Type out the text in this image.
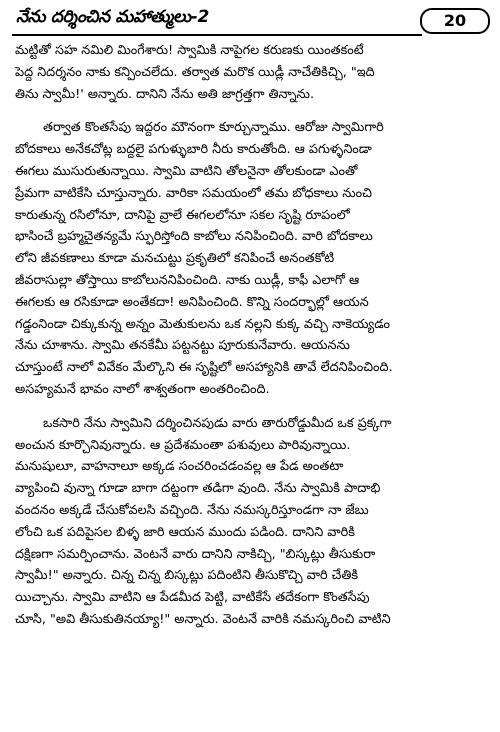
నేను దర్శించిన మహాత్ములు-2	20
మట్టితో సహ నమిలి మింగేశారు! స్వామికి నాపైగల కరుణకు యింతకంటే
పెద్ద నిదర్శనం నాకు కన్పించలేదు. తర్వాత మరొక యిడ్లీ నాచేతికిచ్చి, "ఇది
తిను స్వామీ!' అన్నారు. దానిని నేను అతి జాగ్రత్తగా తిన్నాను.
తర్వాత కొంతసేపు ఇద్దరం మౌనంగా కూర్చున్నాము. ఆరోజు స్వామిగారి
బోదకాలు అనేకచోట్ల బద్దలై పగుళ్ళుబారి నీరు కారుతోంది. ఆ పగుళ్ళనిండా
ఈగలు ముసురుతున్నాయి. స్వామి వాటిని తోలనైనా తోలకుండా ఎంతో
ప్రేమగా వాటికేసి చూస్తున్నారు. వారికా సమయంలో తమ బోధకాలు నుంచి
కారుతున్న రసిలోనూ, దానిపై వ్రాలే ఈగలలోనూ సకల సృష్టి రూపంలో
భాసించే బ్రహ్మచైతన్యమే స్ఫురిస్తోంది కాబోలు ననిపించింది. వారి బోదకాలు
లోని జీవకణాలు కూడా మనచుట్టు ప్రకృతిలో కనిపించే అనంతకోటి
జీవరాసుల్లా తోస్తాయి కాబోలుననిపించింది. నాకు యిడ్లీ, కాఫీ ఎలాగో ఆ
ఈగలకు ఆ రసికూడా అంతేకదా! అనిపించింది. కొన్ని సందర్భాల్లో ఆయన
గడ్డంనిండా చిక్కుకున్న అన్నం మెతుకులను ఒక నల్లని కుక్క వచ్చి నాకెయ్యడం
నేను చూశాను. స్వామి తనకేమీ పట్టనట్టు పూరుకునేవారు. ఆయనను
చూస్తుంటే నాలో వివేకం మేల్కొని ఈ సృష్టిలో అసహ్యానికి తావే లేదనిపించింది.
అసహ్యమనే భావం నాలో శాశ్వతంగా అంతరించింది.
ఒకసారి నేను స్వామిని దర్శించినపుడు వారు తారురోడ్డుమీద ఒక ప్రక్కగా
అంచున కూర్చొనివున్నారు. ఆ ప్రదేశమంతా పశువులు పారివున్నాయి.
మనుషులూ, వాహనాలూ అక్కడ సంచరించడంవల్ల ఆ పేడ అంతటా
వ్యాపించి వున్నా గూడా బాగా దట్టంగా తడిగా వుంది. నేను స్వామికి పాదాభి
వందనం అక్కడే చేసుకోవలసి వచ్చింది. నేను నమస్కరిస్తూండగా నా జేబు
లోంచి ఒక పదిపైసల బిళ్ళ జారి ఆయన ముందు పడింది. దానిని వారికి
దక్షిణగా సమర్పించాను. వెంటనే వారు దానిని నాకిచ్చి, "బిస్కట్లు తీసుకురా
స్వామీ!" అన్నారు. చిన్న చిన్న బిస్కట్లు పదింటిని తీసుకొచ్చి వారి చేతికి
యిచ్చాను. స్వామి వాటిని ఆ పేడమీద పెట్టి, వాటికేసే తదేకంగా కొంతసేపు
చూసి, "అవి తీసుకుతినయ్యా!" అన్నారు. వెంటనే వారికి నమస్కరించి వాటిని
